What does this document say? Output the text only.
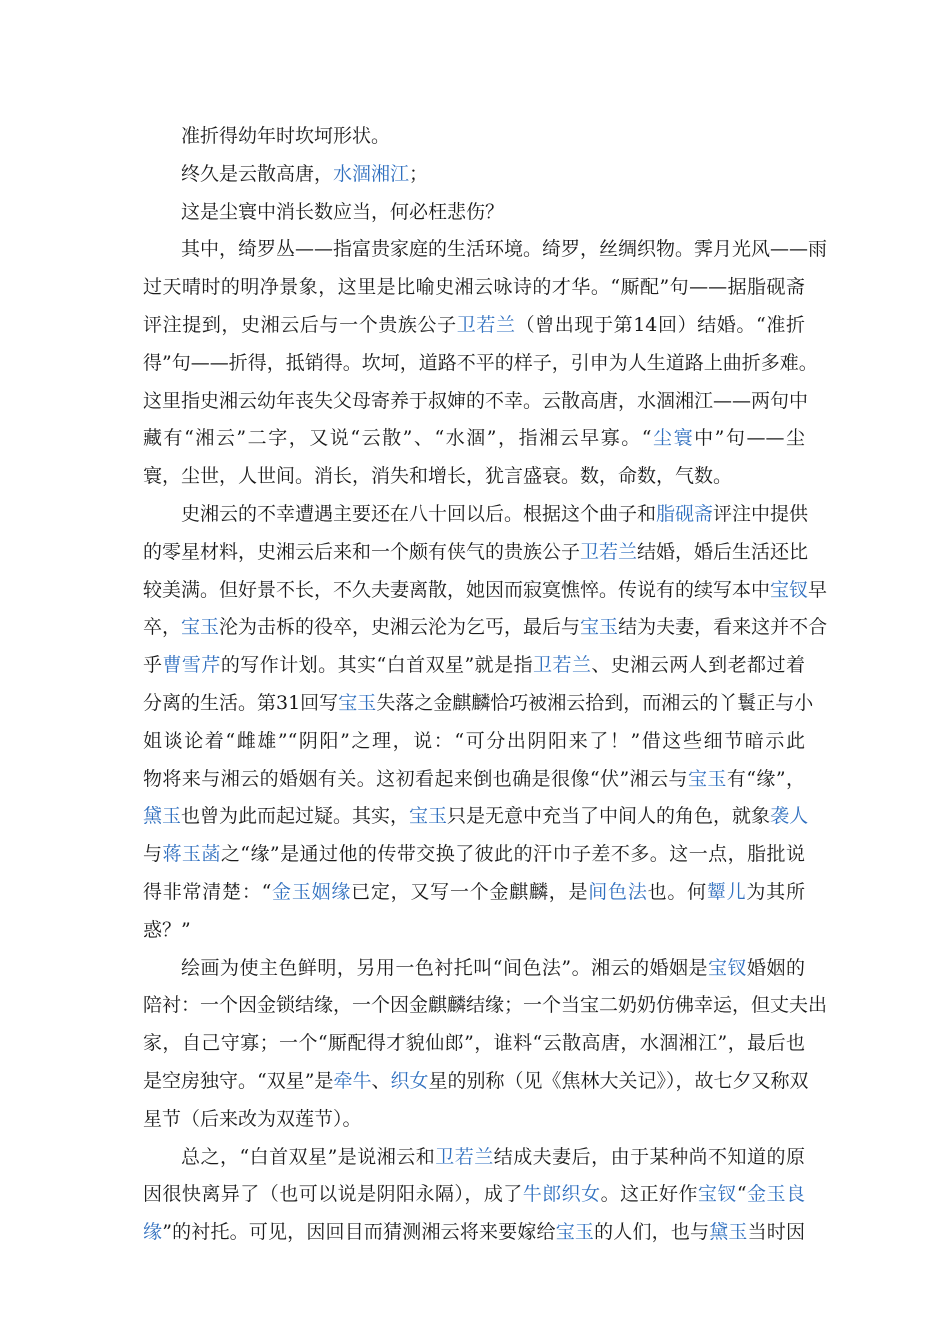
准折得幼年时坎坷形状。
终久是云散高唐，水涸湘江；
这是尘寰中消长数应当，何必枉悲伤？
其中，绮罗丛——指富贵家庭的生活环境。绮罗，丝绸织物。霁月光风——雨
过天晴时的明净景象，这里是比喻史湘云咏诗的才华。“厮配”句——据脂砚斋
评注提到，史湘云后与一个贵族公子卫若兰（曾出现于第14回）结婚。“准折
得”句——折得，抵销得。坎坷，道路不平的样子，引申为人生道路上曲折多难。
这里指史湘云幼年丧失父母寄养于叔婶的不幸。云散高唐，水涸湘江——两句中
藏有“湘云”二字，又说“云散”、“水涸”，指湘云早寡。“尘寰中”句——尘
寰，尘世，人世间。消长，消失和增长，犹言盛衰。数，命数，气数。
史湘云的不幸遭遇主要还在八十回以后。根据这个曲子和脂砚斋评注中提供
的零星材料，史湘云后来和一个颇有侠气的贵族公子卫若兰结婚，婚后生活还比
较美满。但好景不长，不久夫妻离散，她因而寂寞憔悴。传说有的续写本中宝钗早
卒，宝玉沦为击柝的役卒，史湘云沦为乞丐，最后与宝玉结为夫妻，看来这并不合
乎曹雪芹的写作计划。其实“白首双星”就是指卫若兰、史湘云两人到老都过着
分离的生活。第31回写宝玉失落之金麒麟恰巧被湘云拾到，而湘云的丫鬟正与小
姐谈论着“雌雄”“阴阳”之理，说：“可分出阴阳来了！”借这些细节暗示此
物将来与湘云的婚姻有关。这初看起来倒也确是很像“伏”湘云与宝玉有“缘”，
黛玉也曾为此而起过疑。其实，宝玉只是无意中充当了中间人的角色，就象袭人
与蒋玉菡之“缘”是通过他的传带交换了彼此的汗巾子差不多。这一点，脂批说
得非常清楚：“金玉姻缘已定，又写一个金麒麟，是间色法也。何颦儿为其所
惑？”
绘画为使主色鲜明，另用一色衬托叫“间色法”。湘云的婚姻是宝钗婚姻的
陪衬：一个因金锁结缘，一个因金麒麟结缘；一个当宝二奶奶仿佛幸运，但丈夫出
家，自己守寡；一个“厮配得才貌仙郎”，谁料“云散高唐，水涸湘江”，最后也
是空房独守。“双星”是牵牛、织女星的别称（见《焦林大关记》），故七夕又称双
星节（后来改为双莲节）。
总之，“白首双星”是说湘云和卫若兰结成夫妻后，由于某种尚不知道的原
因很快离异了（也可以说是阴阳永隔），成了牛郎织女。这正好作宝钗“金玉良
缘”的衬托。可见，因回目而猜测湘云将来要嫁给宝玉的人们，也与黛玉当时因
